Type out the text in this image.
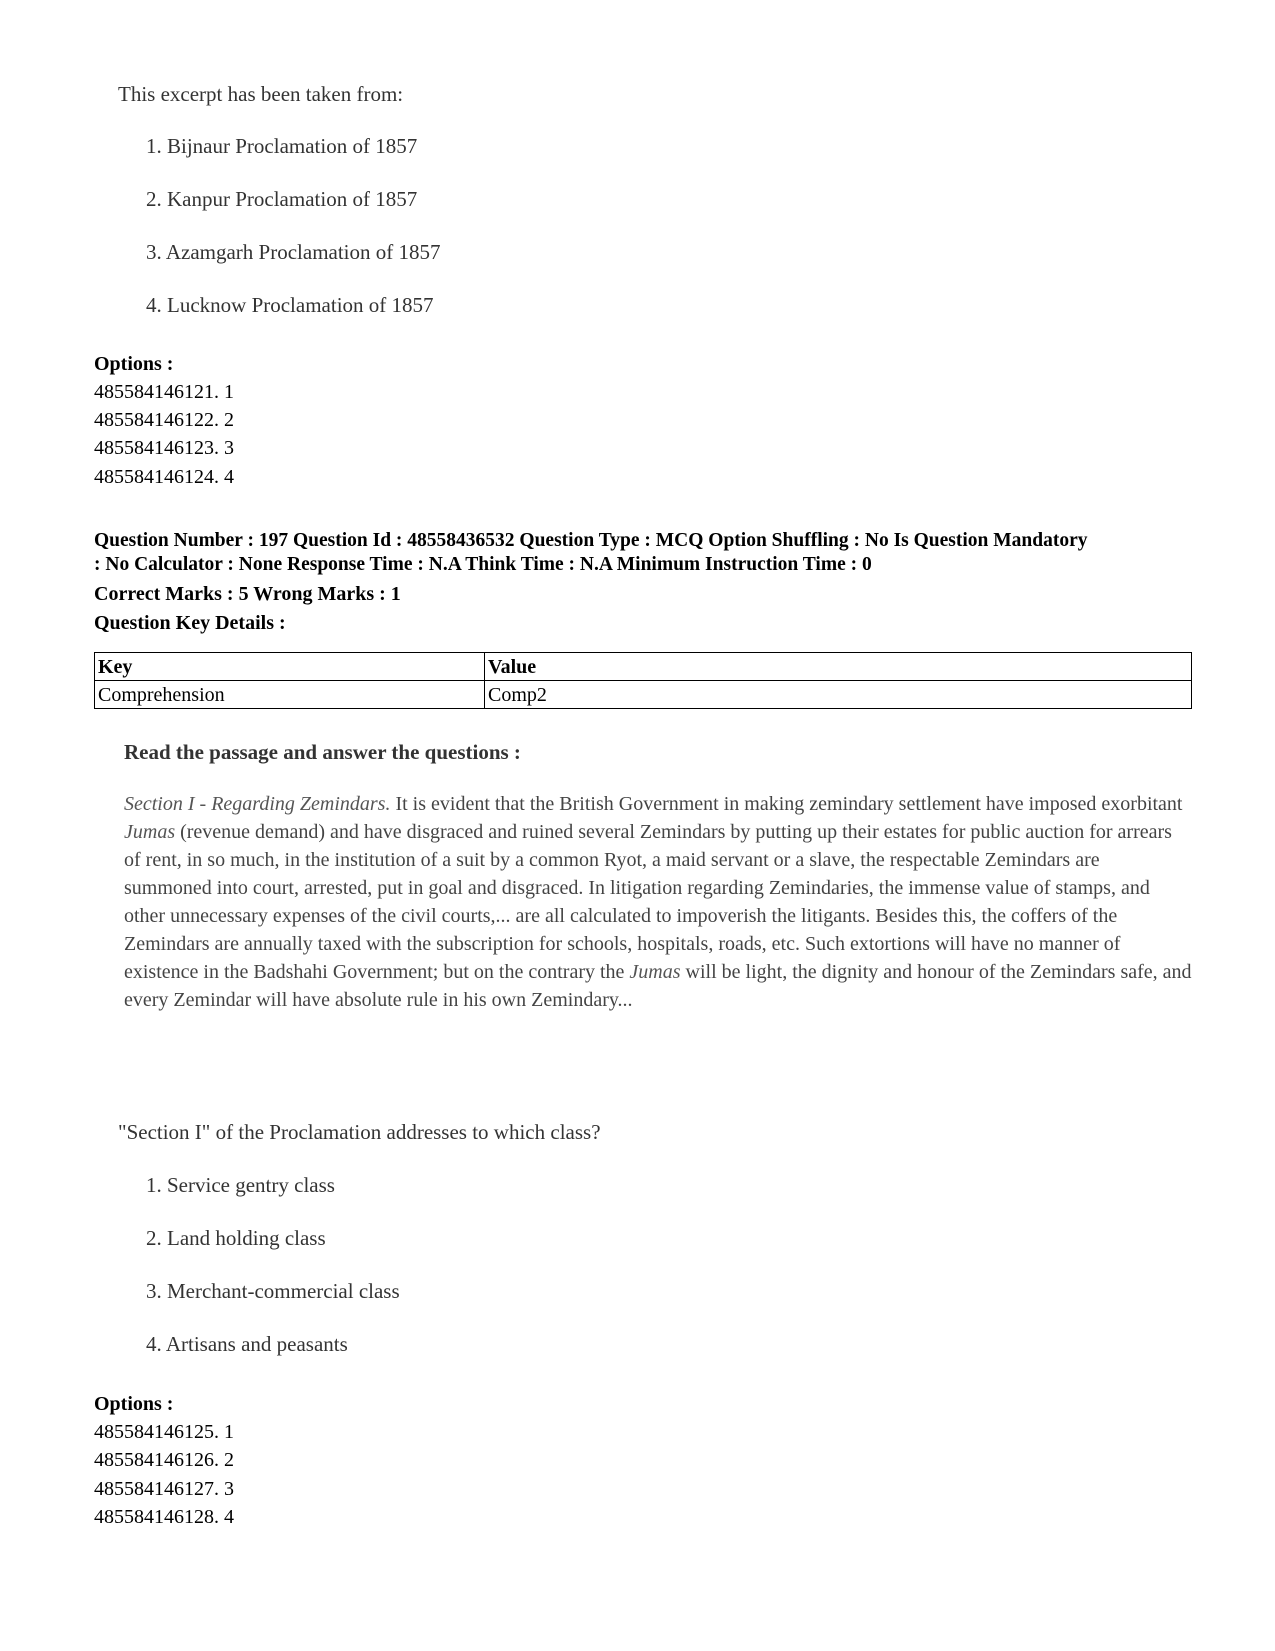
This excerpt has been taken from:
1. Bijnaur Proclamation of 1857
2. Kanpur Proclamation of 1857
3. Azamgarh Proclamation of 1857
4. Lucknow Proclamation of 1857
Options :
485584146121. 1
485584146122. 2
485584146123. 3
485584146124. 4
Question Number : 197 Question Id : 48558436532 Question Type : MCQ Option Shuffling : No Is Question Mandatory
: No Calculator : None Response Time : N.A Think Time : N.A Minimum Instruction Time : 0
Correct Marks : 5 Wrong Marks : 1
Question Key Details :
Key	Value
Comprehension	Comp2
Read the passage and answer the questions :
Section I - Regarding Zemindars. It is evident that the British Government in making zemindary settlement have imposed exorbitant Jumas (revenue demand) and have disgraced and ruined several Zemindars by putting up their estates for public auction for arrears of rent, in so much, in the institution of a suit by a common Ryot, a maid servant or a slave, the respectable Zemindars are summoned into court, arrested, put in goal and disgraced. In litigation regarding Zemindaries, the immense value of stamps, and other unnecessary expenses of the civil courts,... are all calculated to impoverish the litigants. Besides this, the coffers of the Zemindars are annually taxed with the subscription for schools, hospitals, roads, etc. Such extortions will have no manner of existence in the Badshahi Government; but on the contrary the Jumas will be light, the dignity and honour of the Zemindars safe, and every Zemindar will have absolute rule in his own Zemindary...
"Section I" of the Proclamation addresses to which class?
1. Service gentry class
2. Land holding class
3. Merchant-commercial class
4. Artisans and peasants
Options :
485584146125. 1
485584146126. 2
485584146127. 3
485584146128. 4
